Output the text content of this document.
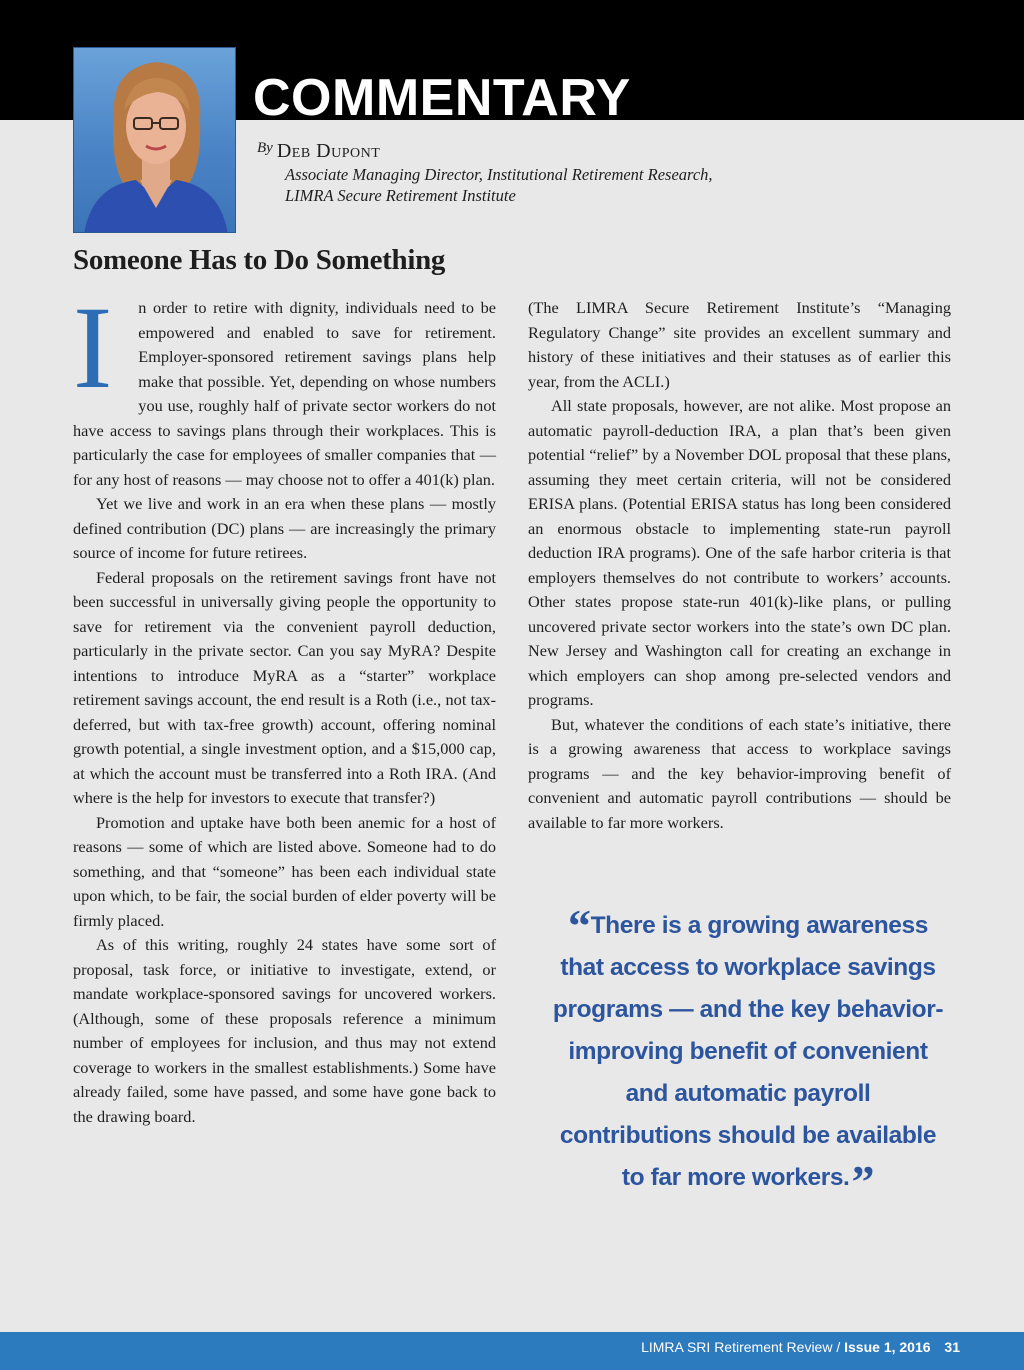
COMMENTARY
$^{By}$ Deb Dupont
Associate Managing Director, Institutional Retirement Research,
LIMRA Secure Retirement Institute
Someone Has to Do Something
I	n order to retire with dignity, individuals need to be empowered and enabled to save for retirement. Employer-sponsored retirement savings plans help make that possible. Yet, depending on whose numbers you use, roughly half of private sector workers do not have access to savings plans through their workplaces. This is particularly the case for employees of smaller companies that — for any host of reasons — may choose not to offer a 401(k) plan.

Yet we live and work in an era when these plans — mostly defined contribution (DC) plans — are increasingly the primary source of income for future retirees.

Federal proposals on the retirement savings front have not been successful in universally giving people the opportunity to save for retirement via the convenient payroll deduction, particularly in the private sector. Can you say MyRA? Despite intentions to introduce MyRA as a “starter” workplace retirement savings account, the end result is a Roth (i.e., not tax-deferred, but with tax-free growth) account, offering nominal growth potential, a single investment option, and a $15,000 cap, at which the account must be transferred into a Roth IRA. (And where is the help for investors to execute that transfer?)

Promotion and uptake have both been anemic for a host of reasons — some of which are listed above. Someone had to do something, and that “someone” has been each individual state upon which, to be fair, the social burden of elder poverty will be firmly placed.

As of this writing, roughly 24 states have some sort of proposal, task force, or initiative to investigate, extend, or mandate workplace-sponsored savings for uncovered workers. (Although, some of these proposals reference a minimum number of employees for inclusion, and thus may not extend coverage to workers in the smallest establishments.) Some have already failed, some have passed, and some have gone back to the drawing board.

(The LIMRA Secure Retirement Institute’s “Managing Regulatory Change” site provides an excellent summary and history of these initiatives and their statuses as of earlier this year, from the ACLI.)

All state proposals, however, are not alike. Most propose an automatic payroll-deduction IRA, a plan that’s been given potential “relief” by a November DOL proposal that these plans, assuming they meet certain criteria, will not be considered ERISA plans. (Potential ERISA status has long been considered an enormous obstacle to implementing state-run payroll deduction IRA programs). One of the safe harbor criteria is that employers themselves do not contribute to workers’ accounts. Other states propose state-run 401(k)-like plans, or pulling uncovered private sector workers into the state’s own DC plan. New Jersey and Washington call for creating an exchange in which employers can shop among pre-selected vendors and programs.

But, whatever the conditions of each state’s initiative, there is a growing awareness that access to workplace savings programs — and the key behavior-improving benefit of convenient and automatic payroll contributions — should be available to far more workers.

“There is a growing awareness that access to workplace savings programs — and the key behavior-improving benefit of convenient and automatic payroll contributions should be available to far more workers.”
LIMRA SRI Retirement Review / Issue 1, 2016 31
